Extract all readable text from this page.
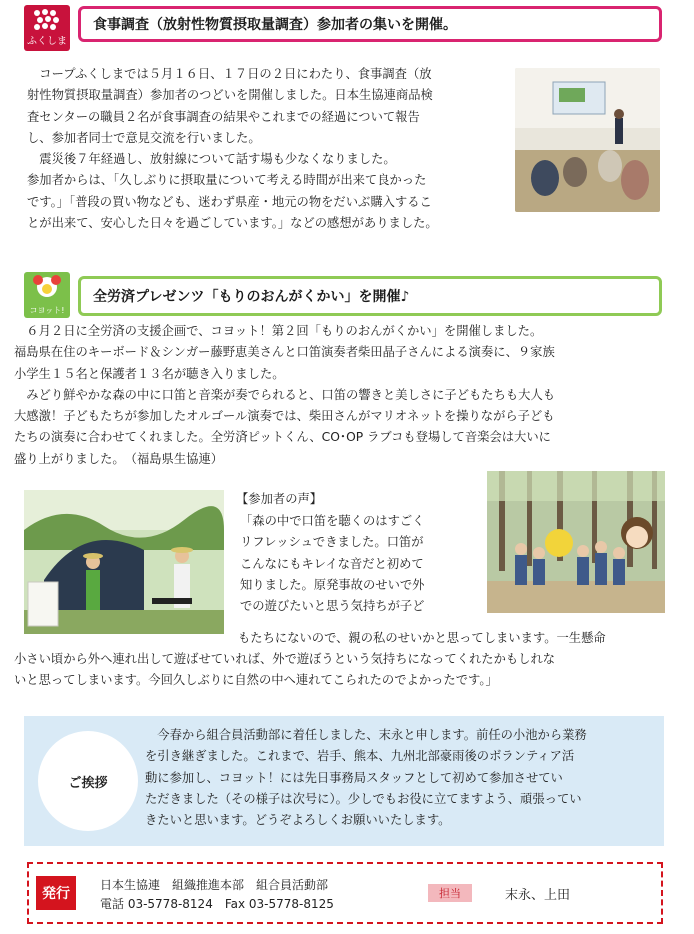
ふくしま
食事調査（放射性物質摂取量調査）参加者の集いを開催。

　コープふくしまでは５月１６日、１７日の２日にわたり、食事調査（放
射性物質摂取量調査）参加者のつどいを開催しました。日本生協連商品検
査センターの職員２名が食事調査の結果やこれまでの経過について報告
し、参加者同士で意見交流を行いました。
　震災後７年経過し、放射線について話す場も少なくなりました。
参加者からは、「久しぶりに摂取量について考える時間が出来て良かった
です。」「普段の買い物なども、迷わず県産・地元の物をだいぶ購入するこ
とが出来て、安心した日々を過ごしています。」などの感想がありました。

コヨット!
全労済プレゼンツ「もりのおんがくかい」を開催♪

　６月２日に全労済の支援企画で、コヨット！第２回「もりのおんがくかい」を開催しました。
福島県在住のキーボード＆シンガー藤野恵美さんと口笛演奏者柴田晶子さんによる演奏に、９家族
小学生１５名と保護者１３名が聴き入りました。
　みどり鮮やかな森の中に口笛と音楽が奏でられると、口笛の響きと美しさに子どもたちも大人も
大感激！子どもたちが参加したオルゴール演奏では、柴田さんがマリオネットを操りながら子ども
たちの演奏に合わせてくれました。全労済ピットくん、CO･OP ラブコも登場して音楽会は大いに
盛り上がりました。　（福島県生協連）

【参加者の声】

「森の中で口笛を聴くのはすごく
リフレッシュできました。口笛が
こんなにもキレイな音だと初めて
知りました。原発事故のせいで外
での遊びたいと思う気持ちが子ど

もたちにないので、親の私のせいかと思ってしまいます。一生懸命

小さい頃から外へ連れ出して遊ばせていれば、外で遊ぼうという気持ちになってくれたかもしれな
いと思ってしまいます。今回久しぶりに自然の中へ連れてこられたのでよかったです。」

ご挨拶

　今春から組合員活動部に着任しました、末永と申します。前任の小池から業務
を引き継ぎました。これまで、岩手、熊本、九州北部豪雨後のボランティア活
動に参加し、コヨット！には先日事務局スタッフとして初めて参加させてい
ただきました（その様子は次号に）。少しでもお役に立てますよう、頑張ってい
きたいと思います。どうぞよろしくお願いいたします。

発行
日本生協連　組織推進本部　組合員活動部
電話 03-5778-8124　Fax 03-5778-8125
担当	末永、上田
